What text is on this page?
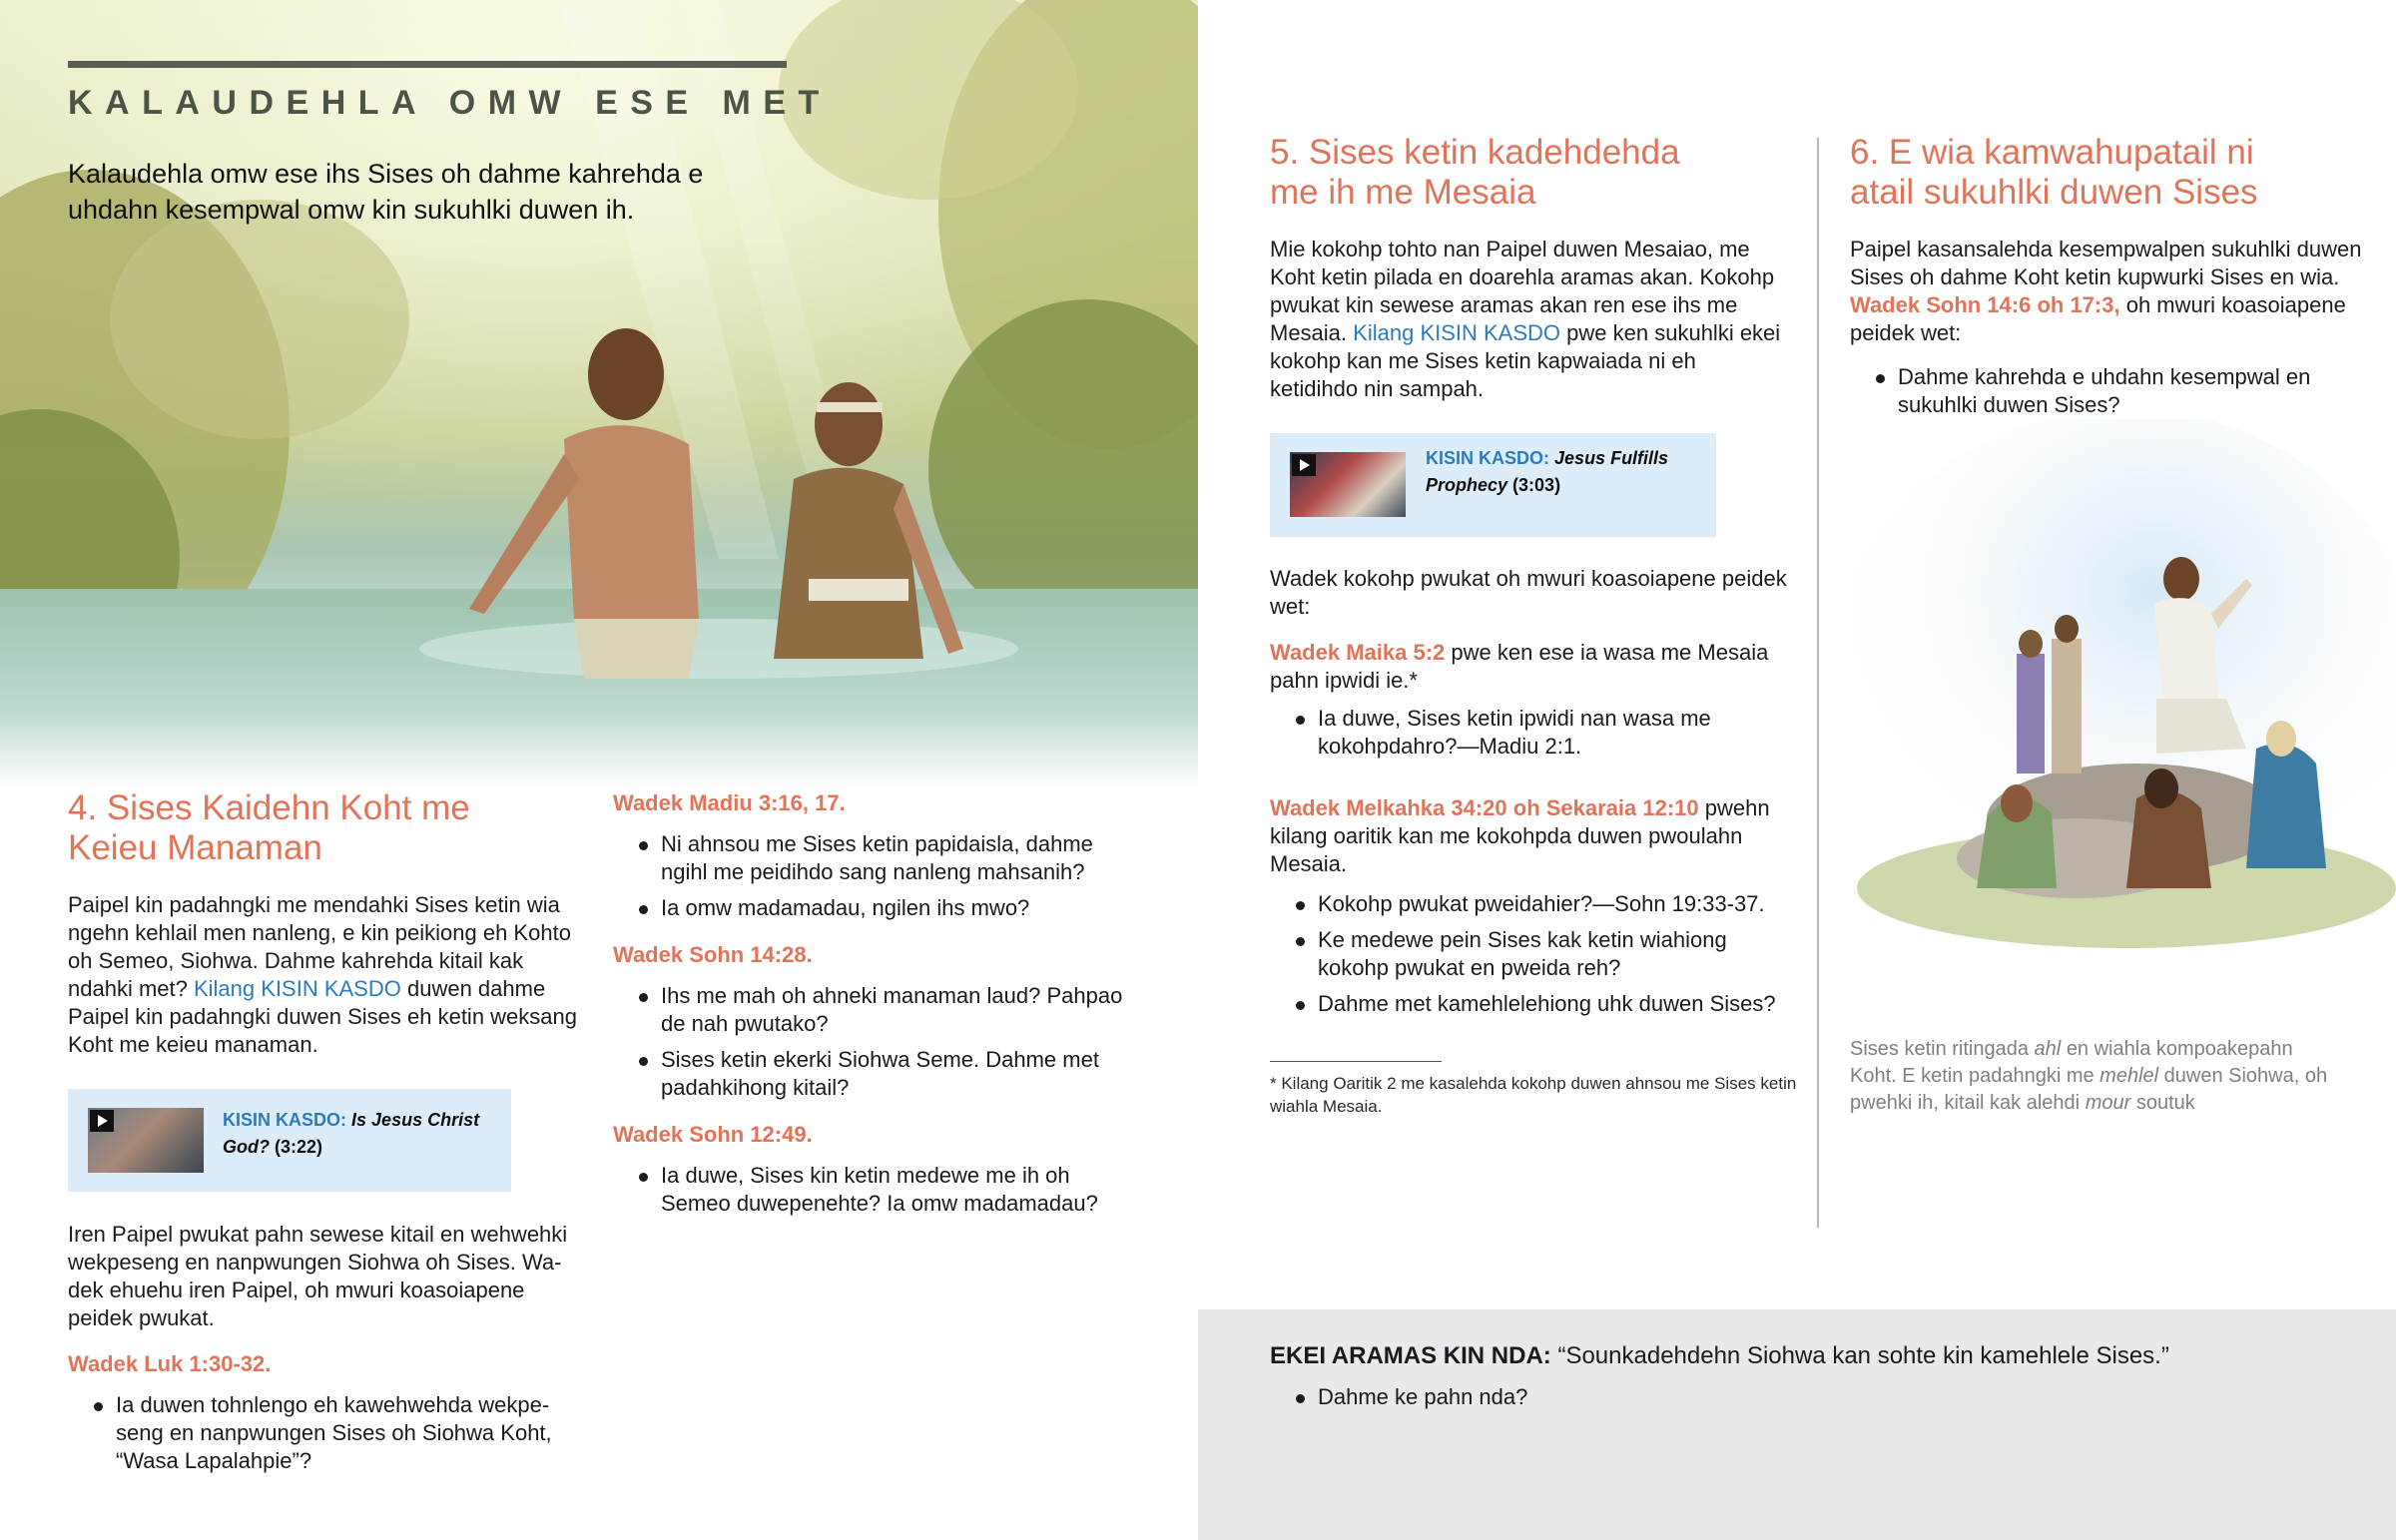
KALAUDEHLA OMW ESE MET
Kalaudehla omw ese ihs Sises oh dahme kahrehda e uhdahn kesempwal omw kin sukuhlki duwen ih.
4. Sises Kaidehn Koht me
Keieu Manaman
Paipel kin padahngki me mendahki Sises ketin wia ngehn kehlail men nanleng, e kin peikiong eh Kohto oh Semeo, Siohwa. Dahme kahrehda kitail kak ndahki met? Kilang KISIN KASDO duwen dahme Paipel kin padahngki duwen Sises eh ketin weksang Koht me keieu manaman.
KISIN KASDO: Is Jesus Christ God? (3:22)
Iren Paipel pwukat pahn sewese kitail en wehwehki wekpeseng en nanpwungen Siohwa oh Sises. Wadek ehuehu iren Paipel, oh mwuri koasoiapene peidek pwukat.
Wadek Luk 1:30-32.
Ia duwen tohnlengo eh kawehwehda wekpeseng en nanpwungen Sises oh Siohwa Koht, “Wasa Lapalahpie”?
Wadek Madiu 3:16, 17.
Ni ahnsou me Sises ketin papidaisla, dahme ngihl me peidihdo sang nanleng mahsanih?
Ia omw madamadau, ngilen ihs mwo?
Wadek Sohn 14:28.
Ihs me mah oh ahneki manaman laud? Pahpao de nah pwutako?
Sises ketin ekerki Siohwa Seme. Dahme met padahkihong kitail?
Wadek Sohn 12:49.
Ia duwe, Sises kin ketin medewe me ih oh Semeo duwepenehte? Ia omw madamadau?
5. Sises ketin kadehdehda
me ih me Mesaia
Mie kokohp tohto nan Paipel duwen Mesaiao, me Koht ketin pilada en doarehla aramas akan. Kokohp pwukat kin sewese aramas akan ren ese ihs me Mesaia. Kilang KISIN KASDO pwe ken sukuhlki ekei kokohp kan me Sises ketin kapwaiada ni eh ketidihdo nin sampah.
KISIN KASDO: Jesus Fulfills Prophecy (3:03)
Wadek kokohp pwukat oh mwuri koasoiapene peidek wet:
Wadek Maika 5:2 pwe ken ese ia wasa me Mesaia pahn ipwidi ie.*
Ia duwe, Sises ketin ipwidi nan wasa me kokohpdahro?—Madiu 2:1.
Wadek Melkahka 34:20 oh Sekaraia 12:10 pwehn kilang oaritik kan me kokohpda duwen pwoulahn Mesaia.
Kokohp pwukat pweidahier?—Sohn 19:33-37.
Ke medewe pein Sises kak ketin wiahiong kokohp pwukat en pweida reh?
Dahme met kamehlelehiong uhk duwen Sises?
* Kilang Oaritik 2 me kasalehda kokohp duwen ahnsou me Sises ketin wiahla Mesaia.
6. E wia kamwahupatail ni
atail sukuhlki duwen Sises
Paipel kasansalehda kesempwalpen sukuhlki duwen Sises oh dahme Koht ketin kupwurki Sises en wia. Wadek Sohn 14:6 oh 17:3, oh mwuri koasoiapene peidek wet:
Dahme kahrehda e uhdahn kesempwal en sukuhlki duwen Sises?
Sises ketin ritingada ahl en wiahla kompoakepahn Koht. E ketin padahngki me mehlel duwen Siohwa, oh pwehki ih, kitail kak alehdi mour soutuk
EKEI ARAMAS KIN NDA: “Sounkadehdehn Siohwa kan sohte kin kamehlele Sises.”
Dahme ke pahn nda?
